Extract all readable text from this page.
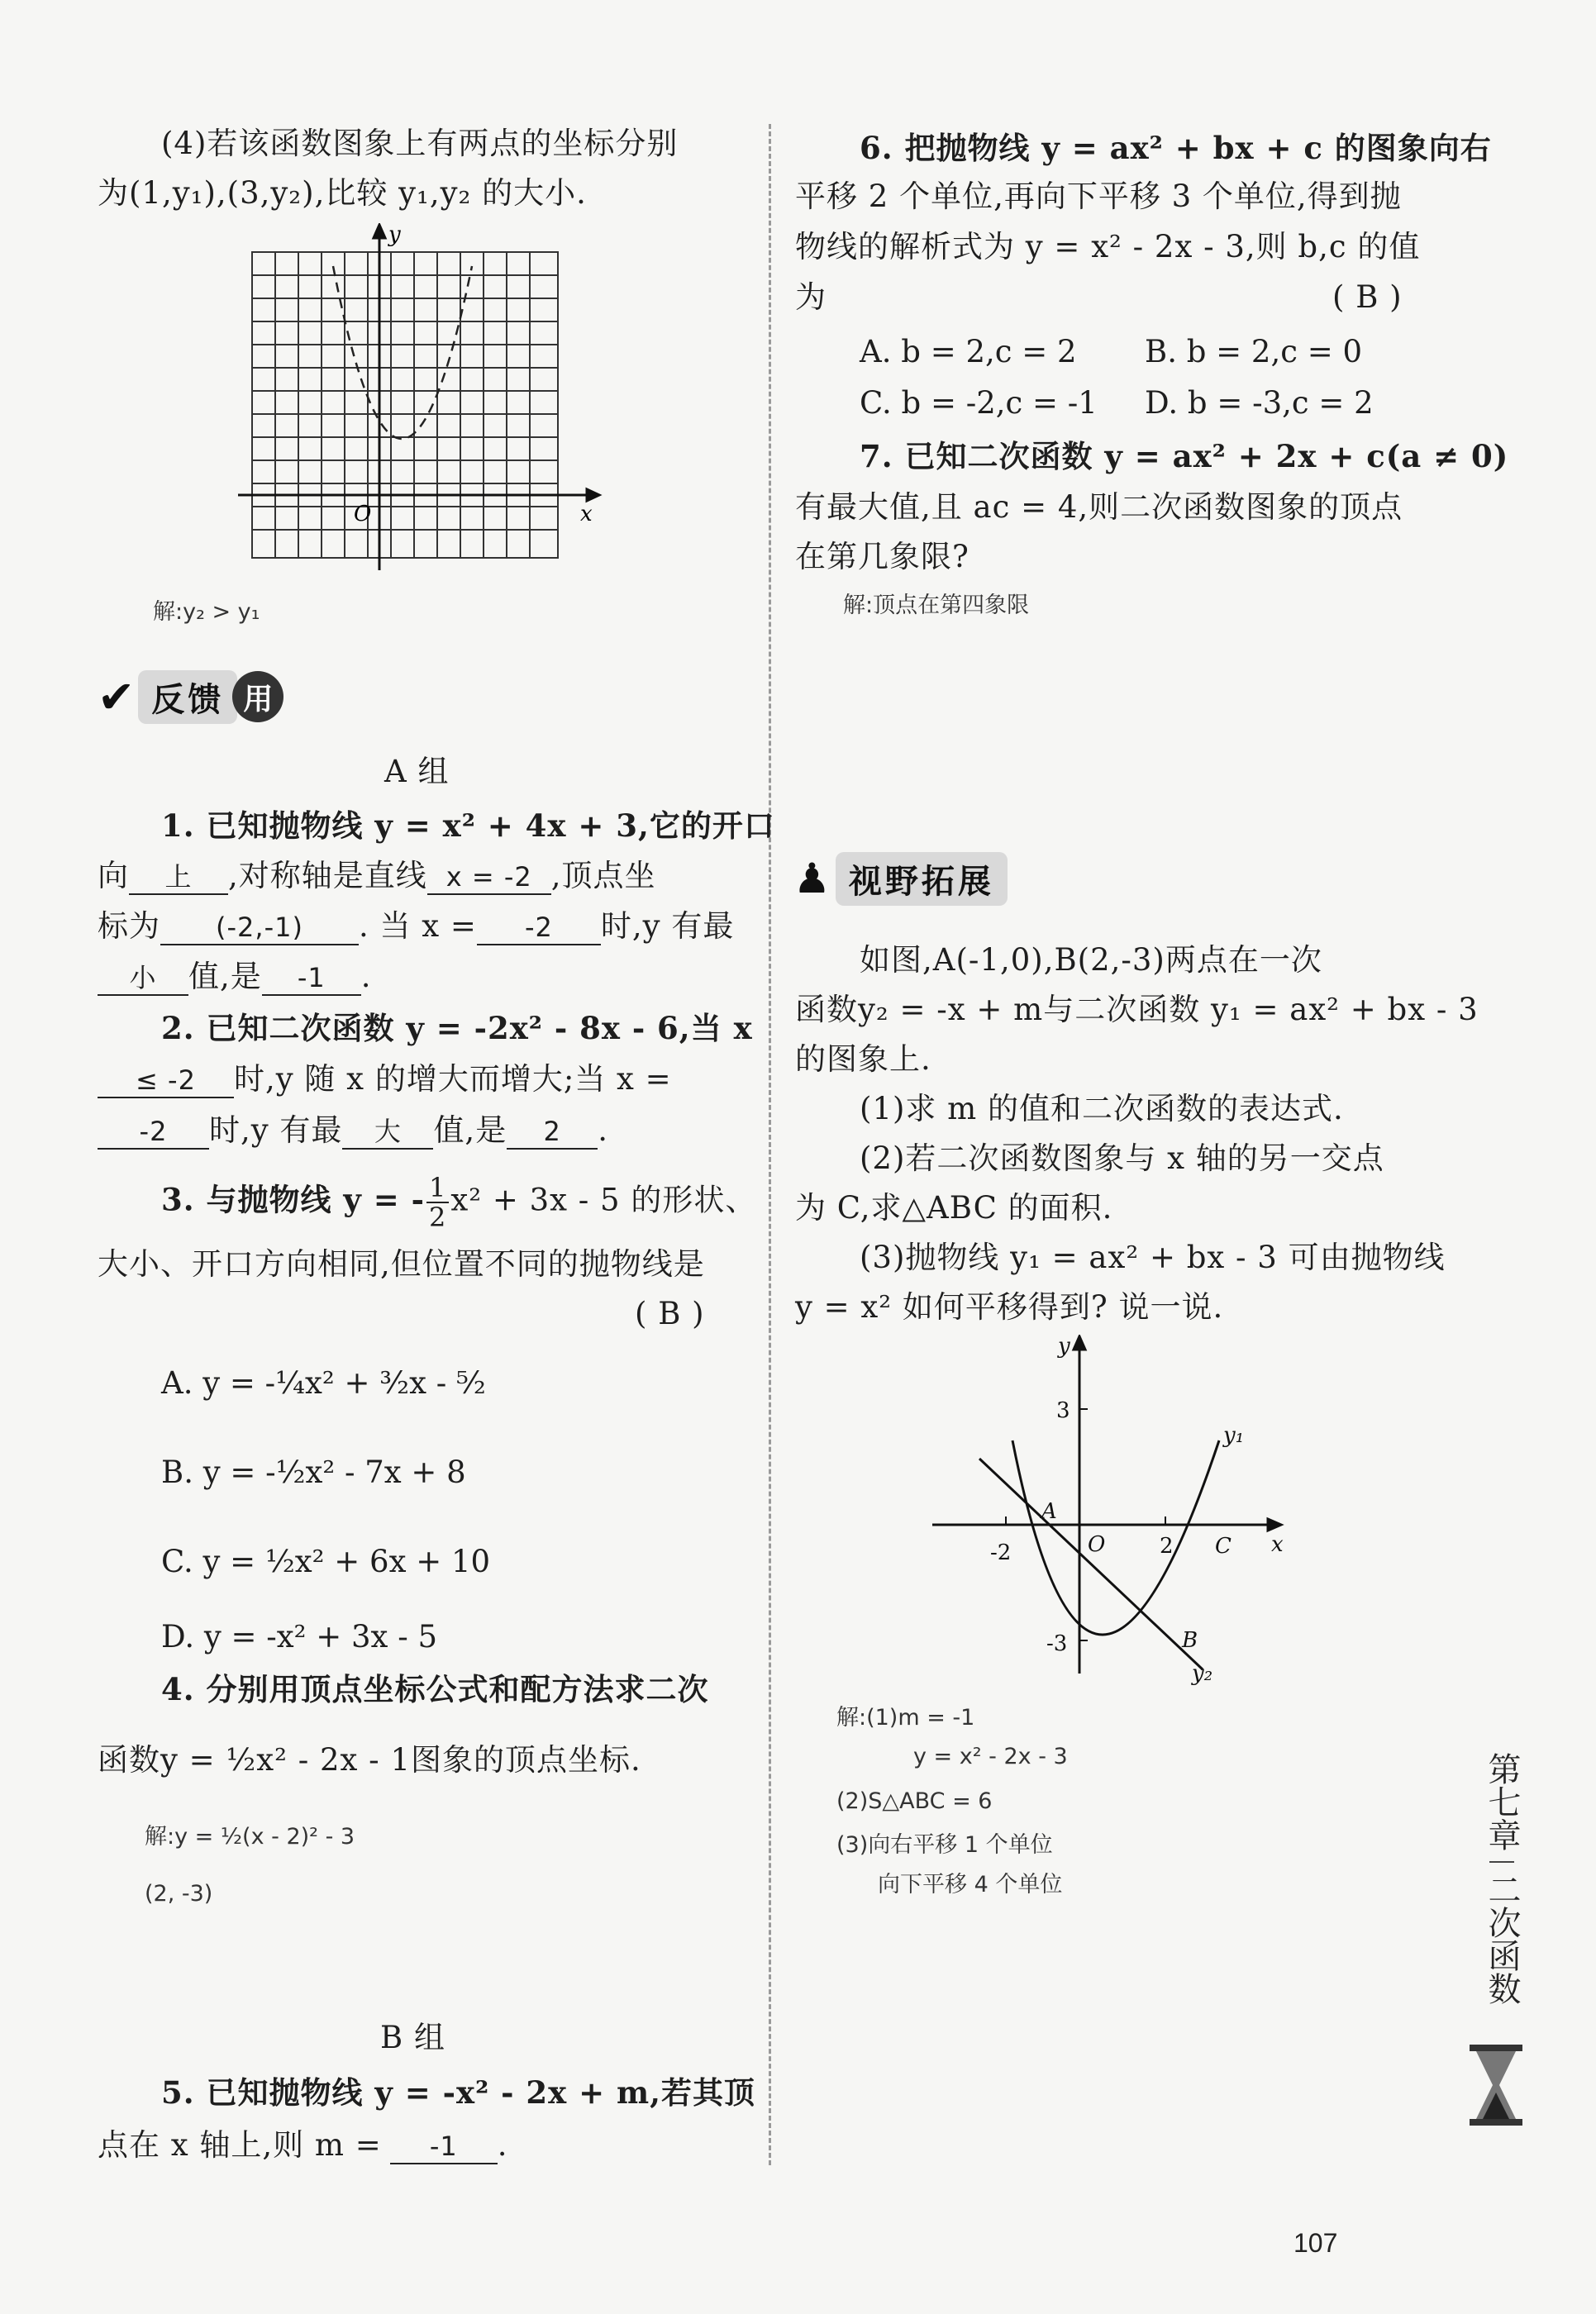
(4)若该函数图象上有两点的坐标分别
为(1,y₁),(3,y₂),比较 y₁,y₂ 的大小.
y
x
O
解:y₂ > y₁
✔ 反馈 用
A 组
1. 已知抛物线 y = x² + 4x + 3,它的开口
向 上 ,对称轴是直线 x = -2 ,顶点坐
标为 (-2,-1) . 当 x = -2 时,y 有最
小 值,是 -1 .
2. 已知二次函数 y = -2x² - 8x - 6,当 x
≤ -2 时,y 随 x 的增大而增大;当 x =
-2 时,y 有最 大 值,是 2 .
3. 与抛物线 y = - $\frac{1}{2} x^2 + 3x - 5$ 的形状、
大小、开口方向相同,但位置不同的抛物线是
( B )
A. y = -¼x² + ³⁄₂x - ⁵⁄₂
B. y = -½x² - 7x + 8
C. y = ½x² + 6x + 10
D. y = -x² + 3x - 5
4. 分别用顶点坐标公式和配方法求二次
函数y = ½x² - 2x - 1图象的顶点坐标.
解:y = ½(x - 2)² - 3
(2, -3)
B 组
5. 已知抛物线 y = -x² - 2x + m,若其顶
点在 x 轴上,则 m = -1 .
6. 把抛物线 y = ax² + bx + c 的图象向右
平移 2 个单位,再向下平移 3 个单位,得到抛
物线的解析式为 y = x² - 2x - 3,则 b,c 的值
为	( B )
A. b = 2,c = 2 B. b = 2,c = 0
C. b = -2,c = -1 D. b = -3,c = 2
7. 已知二次函数 y = ax² + 2x + c(a ≠ 0)
有最大值,且 ac = 4,则二次函数图象的顶点
在第几象限?
解:顶点在第四象限
♟ 视野拓展
如图,A(-1,0),B(2,-3)两点在一次
函数y₂ = -x + m与二次函数 y₁ = ax² + bx - 3
的图象上.
(1)求 m 的值和二次函数的表达式.
(2)若二次函数图象与 x 轴的另一交点
为 C,求△ABC 的面积.
(3)抛物线 y₁ = ax² + bx - 3 可由抛物线
y = x² 如何平移得到? 说一说.
y
x
O
3
-3
-2	2
A
B
C
y₁
y₂
解:(1)m = -1
y = x² - 2x - 3
(2)S△ABC = 6
(3)向右平移 1 个单位
向下平移 4 个单位
第七章
二次函数
107
